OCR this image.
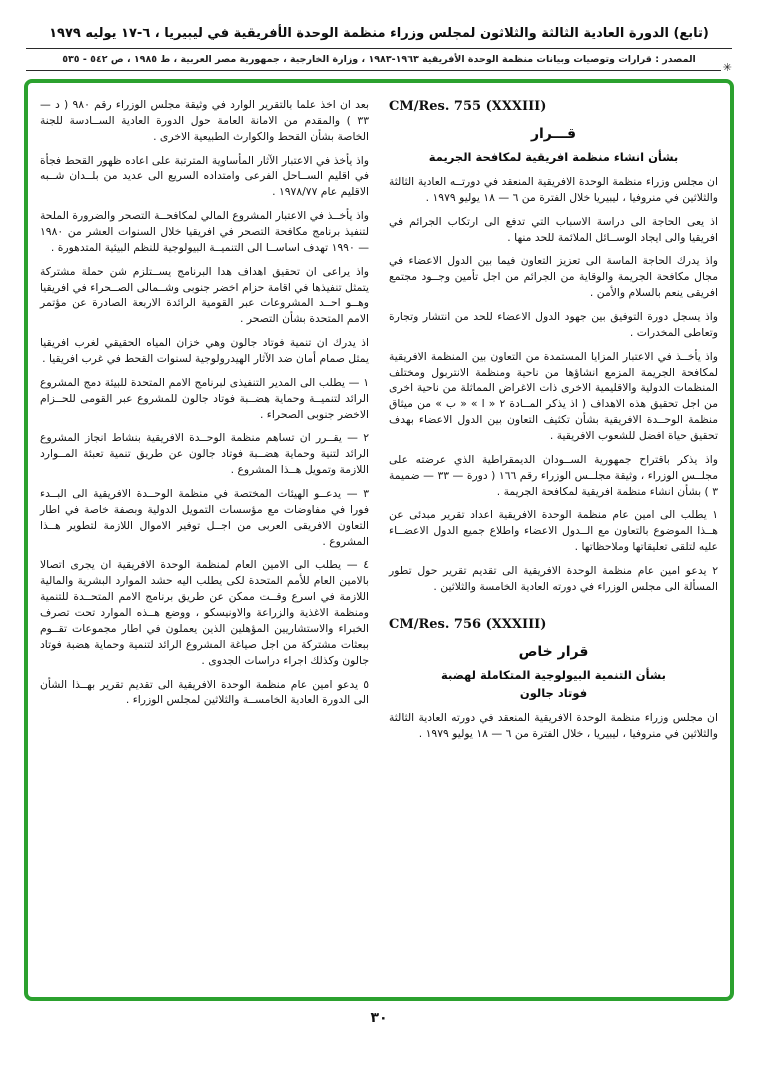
(تابع) الدورة العادية الثالثة والثلاثون لمجلس وزراء منظمة الوحدة الأفريقية في ليبيريا ، ٦-١٧ يوليه ١٩٧٩
المصدر : قرارات وتوصيات وبيانات منظمة الوحدة الأفريقية ١٩٦٣-١٩٨٣ ، وزارة الخارجية ، جمهورية مصر العربية ، ط ١٩٨٥ ، ص ٥٤٢ - ٥٣٥
✳
CM/Res. 755 (XXXIII)
قـــرار
بشأن انشاء منظمة افريقية لمكافحة الجريمة

ان مجلس وزراء منظمة الوحدة الافريقية المنعقد في دورتــه العادية الثالثة والثلاثين في منروفيا ، ليبيريا خلال الفترة من ٦ — ١٨ يوليو ١٩٧٩ .

اذ يعى الحاجة الى دراسة الاسباب التي تدفع الى ارتكاب الجرائم في افريقيا والى ايجاد الوســائل الملائمة للحد منها .

واذ يدرك الحاجة الماسة الى تعزيز التعاون فيما بين الدول الاعضاء في مجال مكافحة الجريمة والوقاية من الجرائم من اجل تأمين وجــود مجتمع افريقى ينعم بالسلام والأمن .

واذ يسجل دورة التوفيق بين جهود الدول الاعضاء للحد من انتشار وتجارة وتعاطى المخدرات .

واذ يأخــذ في الاعتبار المزايا المستمدة من التعاون بين المنظمة الافريقية لمكافحة الجريمة المزمع انشاؤها من ناحية ومنظمة الانتربول ومختلف المنظمات الدولية والاقليمية الاخرى ذات الاغراض المماثلة من ناحية اخرى من اجل تحقيق هذه الاهداف ( اذ يذكر المــادة ٢ « ا » « ب » من ميثاق منظمة الوحــدة الافريقية بشأن تكثيف التعاون بين الدول الاعضاء بهدف تحقيق حياة افضل للشعوب الافريقية .

واذ يذكر باقتراح جمهورية الســودان الديمقراطية الذي عرضته على مجلــس الوزراء ، وثيقة مجلــس الوزراء رقم ١٦٦ ( دورة — ٣٣ — ضميمة ٣ ) بشأن انشاء منظمة افريقية لمكافحة الجريمة .

١ يطلب الى امين عام منظمة الوحدة الافريقية اعداد تقرير مبدئى عن هــذا الموضوع بالتعاون مع الــدول الاعضاء واطلاع جميع الدول الاعضــاء عليه لتلقى تعليقاتها وملاحظاتها .

٢ يدعو امين عام منظمة الوحدة الافريقية الى تقديم تقرير حول تطور المسألة الى مجلس الوزراء في دورته العادية الخامسة والثلاثين .

CM/Res. 756 (XXXIII)
قرار خاص
بشأن التنمية البيولوجية المتكاملة لهضبة
فوتاد جالون

ان مجلس وزراء منظمة الوحدة الافريقية المنعقد في دورته العادية الثالثة والثلاثين في منروفيا ، ليبيريا ، خلال الفترة من ٦ — ١٨ يوليو ١٩٧٩ .

بعد ان اخذ علما بالتقرير الوارد في وثيقة مجلس الوزراء رقم ٩٨٠ ( د — ٣٣ ) والمقدم من الامانة العامة حول الدورة العادية الســادسة للجنة الخاصة بشأن القحط والكوارث الطبيعية الاخرى .

واذ يأخذ في الاعتبار الآثار المأساوية المترتبة على اعاده ظهور القحط فجأة في اقليم الســاحل الفرعى وامتداده السريع الى عديد من بلــدان شــبه الاقليم عام ١٩٧٨/٧٧ .

واذ يأخــذ في الاعتبار المشروع المالي لمكافحــة التصحر والضرورة الملحة لتنفيذ برنامج مكافحة التصحر في افريقيا خلال السنوات العشر من ١٩٨٠ — ١٩٩٠ تهدف اساســا الى التنميــة البيولوجية للنظم البيئية المتدهورة .

واذ يراعى ان تحقيق اهداف هدا البرنامج يســتلزم شن حملة مشتركة يتمثل تنفيذها في اقامة حزام اخضر جنوبى وشــمالى الصــحراء في افريقيا وهــو احــد المشروعات عبر القومية الرائدة الاربعة الصادرة عن مؤتمر الامم المتحدة بشأن التصحر .

اذ يدرك ان تنمية فوتاد جالون وهي خزان المياه الحقيقي لغرب افريقيا يمثل صمام أمان ضد الآثار الهيدرولوجية لسنوات القحط في غرب افريقيا .

١ — يطلب الى المدير التنفيذى لبرنامج الامم المتحدة للبيئة دمج المشروع الرائد لتنميــة وحماية هضــبة فوتاد جالون للمشروع عبر القومى للحــزام الاخضر جنوبى الصحراء .

٢ — يقــرر ان تساهم منظمة الوحــدة الافريقية بنشاط انجاز المشروع الرائد لتنية وحماية هضــبة فوتاد جالون عن طريق تنمية تعبئة المــوارد اللازمة وتمويل هــذا المشروع .

٣ — يدعــو الهيئات المختصة في منظمة الوحــدة الافريقية الى البــدء فورا في مفاوضات مع مؤسسات التمويل الدولية وبصفة خاصة في اطار التعاون الافريقى العربى من اجــل توفير الاموال اللازمة لتطوير هــذا المشروع .

٤ — يطلب الى الامين العام لمنظمة الوحدة الافريقية ان يجرى اتصالا بالامين العام للأمم المتحدة لكى يطلب اليه حشد الموارد البشرية والمالية اللازمة في اسرع وقــت ممكن عن طريق برنامج الامم المتحــدة للتنمية ومنظمة الاغذية والزراعة والاونيسكو ، ووضع هــذه الموارد تحت تصرف الخبراء والاستشاريين المؤهلين الذين يعملون في اطار مجموعات تقــوم ببعثات مشتركة من اجل صياغة المشروع الرائد لتنمية وحماية هضبة فوتاد جالون وكذلك اجراء دراسات الجدوى .

٥ يدعو امين عام منظمة الوحدة الافريقية الى تقديم تقرير بهــذا الشأن الى الدورة العادية الخامســة والثلاثين لمجلس الوزراء .

٣٠
